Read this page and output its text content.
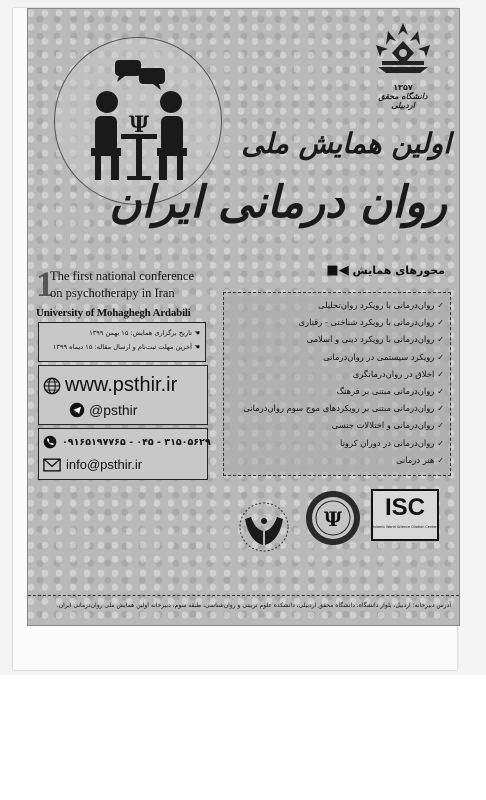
۱۳۵۷
دانشگاه محقق اردبیلی
Ψ
اولین همایش ملی
روان درمانی ایران
محورهای همایش ◀■
1
The first national conference
on psychotherapy in Iran
University of Mohaghegh Ardabili
✓روان‌درمانی با رویکرد روان‌تحلیلی
✓روان‌درمانی با رویکرد شناختی - رفتاری
✓روان‌درمانی با رویکرد دینی و اسلامی
✓رویکرد سیستمی در روان‌درمانی
✓اخلاق در روان‌درمانگری
✓روان‌درمانی مبتنی بر فرهنگ
✓روان‌درمانی مبتنی بر رویکردهای موج سوم روان‌درمانی
✓روان‌درمانی و اختلالات جنسی
✓روان‌درمانی در دوران کرونا
✓هنر درمانی
☚ تاریخ برگزاری همایش: ۱۵ بهمن ۱۳۹۹
☚ آخرین مهلت ثبت‌نام و ارسال مقاله: ۱۵ دیماه ۱۳۹۹
www.psthir.ir
@psthir
۰۹۱۶۵۱۹۷۷۶۵ - ۰۴۵ - ۳۱۵۰۵۶۲۹
info@psthir.ir
Ψ	ISC
Islamic World Science Citation Center
آدرس دبیرخانه: اردبیل، بلوار دانشگاه، دانشگاه محقق اردبیلی، دانشکده علوم تربیتی و روان‌شناسی، طبقه سوم، دبیرخانه اولین همایش ملی روان‌درمانی ایران.
